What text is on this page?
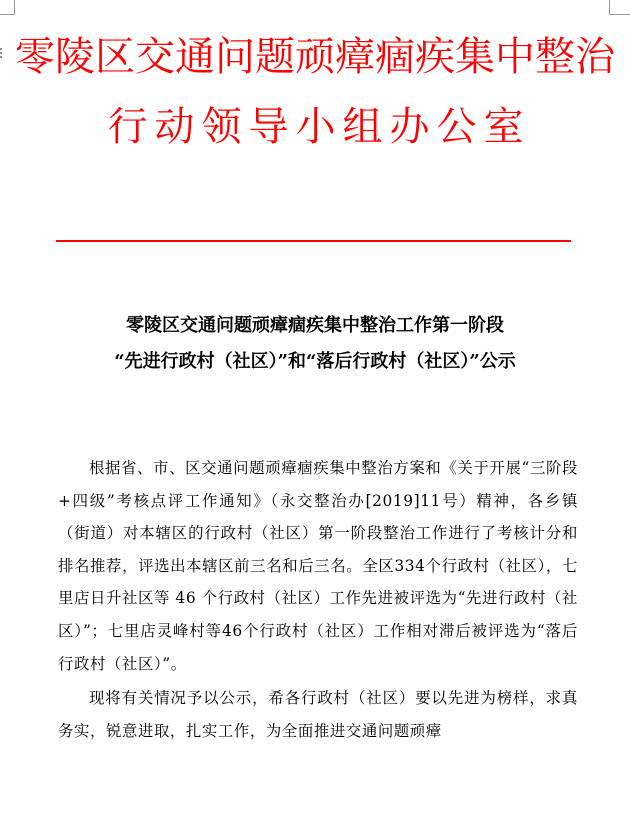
零陵区交通问题顽瘴痼疾集中整治
行动领导小组办公室
零陵区交通问题顽瘴痼疾集中整治工作第一阶段
“先进行政村（社区）”和“落后行政村（社区）”公示

根据省、市、区交通问题顽瘴痼疾集中整治方案和《关于开展“三阶段+四级”考核点评工作通知》（永交整治办[2019]11号）精神，各乡镇（街道）对本辖区的行政村（社区）第一阶段整治工作进行了考核计分和排名推荐，评选出本辖区前三名和后三名。全区334个行政村（社区），七里店日升社区等 46 个行政村（社区）工作先进被评选为“先进行政村（社区）”；七里店灵峰村等46个行政村（社区）工作相对滞后被评选为“落后行政村（社区）”。

现将有关情况予以公示，希各行政村（社区）要以先进为榜样，求真务实，锐意进取，扎实工作，为全面推进交通问题顽瘴
